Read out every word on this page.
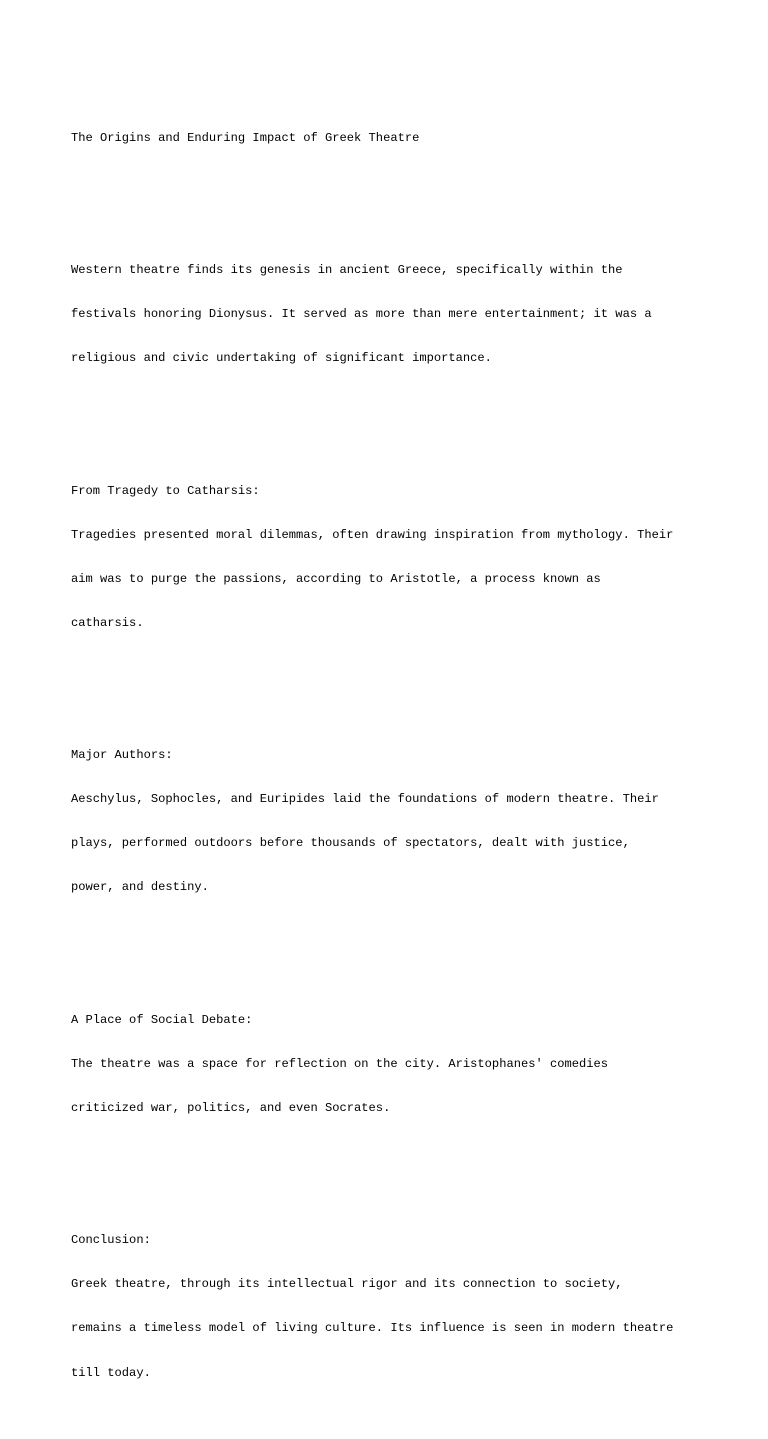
The Origins and Enduring Impact of Greek Theatre

Western theatre finds its genesis in ancient Greece, specifically within the

festivals honoring Dionysus. It served as more than mere entertainment; it was a

religious and civic undertaking of significant importance.

From Tragedy to Catharsis:

Tragedies presented moral dilemmas, often drawing inspiration from mythology. Their

aim was to purge the passions, according to Aristotle, a process known as

catharsis.

Major Authors:

Aeschylus, Sophocles, and Euripides laid the foundations of modern theatre. Their

plays, performed outdoors before thousands of spectators, dealt with justice,

power, and destiny.

A Place of Social Debate:

The theatre was a space for reflection on the city. Aristophanes' comedies

criticized war, politics, and even Socrates.

Conclusion:

Greek theatre, through its intellectual rigor and its connection to society,

remains a timeless model of living culture. Its influence is seen in modern theatre

till today.
